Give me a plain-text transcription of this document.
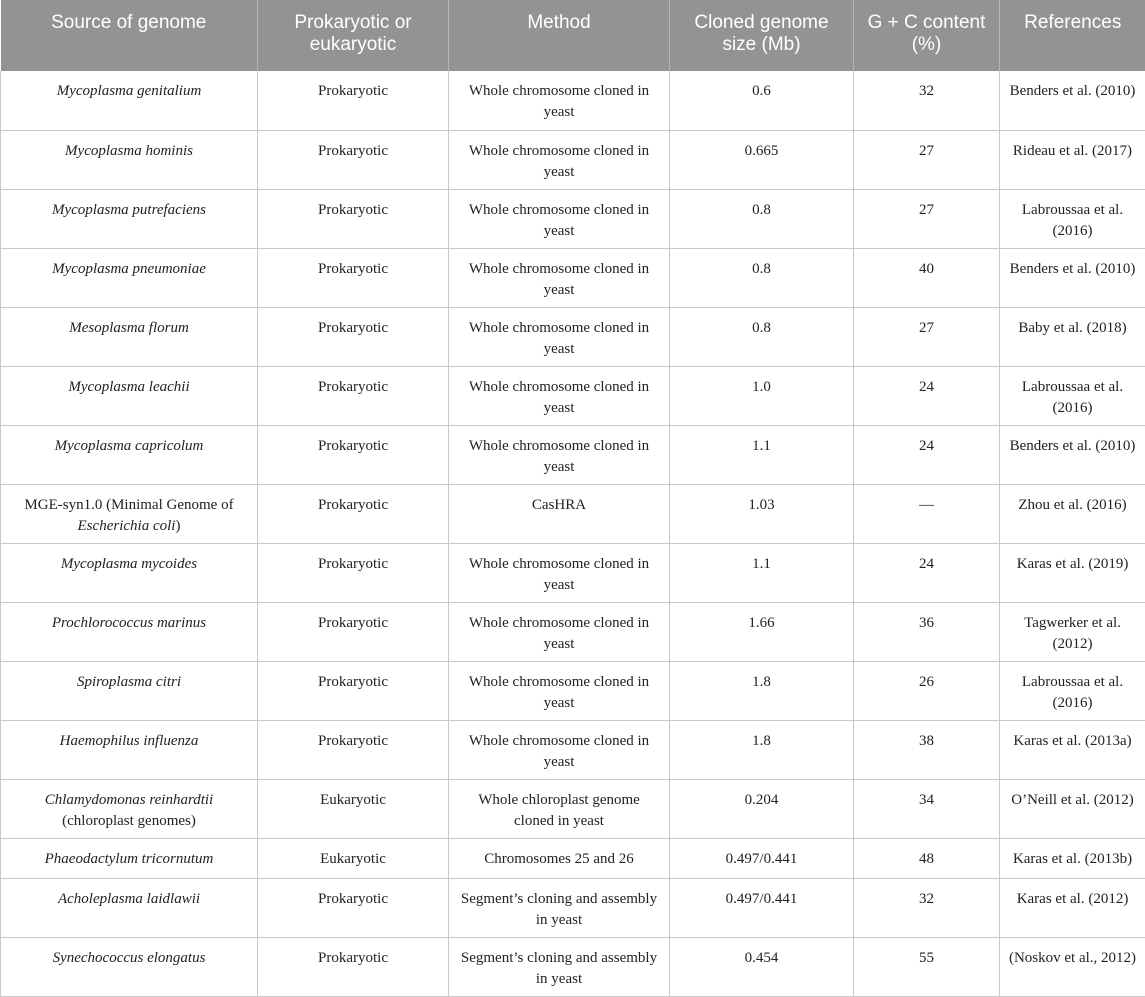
Source of genome	Prokaryotic or eukaryotic	Method	Cloned genome size (Mb)	G + C content (%)	References
Mycoplasma genitalium	Prokaryotic	Whole chromosome cloned in yeast	0.6	32	Benders et al. (2010)
Mycoplasma hominis	Prokaryotic	Whole chromosome cloned in yeast	0.665	27	Rideau et al. (2017)
Mycoplasma putrefaciens	Prokaryotic	Whole chromosome cloned in yeast	0.8	27	Labroussaa et al. (2016)
Mycoplasma pneumoniae	Prokaryotic	Whole chromosome cloned in yeast	0.8	40	Benders et al. (2010)
Mesoplasma florum	Prokaryotic	Whole chromosome cloned in yeast	0.8	27	Baby et al. (2018)
Mycoplasma leachii	Prokaryotic	Whole chromosome cloned in yeast	1.0	24	Labroussaa et al. (2016)
Mycoplasma capricolum	Prokaryotic	Whole chromosome cloned in yeast	1.1	24	Benders et al. (2010)
MGE-syn1.0 (Minimal Genome of Escherichia coli)	Prokaryotic	CasHRA	1.03	—	Zhou et al. (2016)
Mycoplasma mycoides	Prokaryotic	Whole chromosome cloned in yeast	1.1	24	Karas et al. (2019)
Prochlorococcus marinus	Prokaryotic	Whole chromosome cloned in yeast	1.66	36	Tagwerker et al. (2012)
Spiroplasma citri	Prokaryotic	Whole chromosome cloned in yeast	1.8	26	Labroussaa et al. (2016)
Haemophilus influenza	Prokaryotic	Whole chromosome cloned in yeast	1.8	38	Karas et al. (2013a)
Chlamydomonas reinhardtii (chloroplast genomes)	Eukaryotic	Whole chloroplast genome cloned in yeast	0.204	34	O’Neill et al. (2012)
Phaeodactylum tricornutum	Eukaryotic	Chromosomes 25 and 26	0.497/0.441	48	Karas et al. (2013b)
Acholeplasma laidlawii	Prokaryotic	Segment’s cloning and assembly in yeast	0.497/0.441	32	Karas et al. (2012)
Synechococcus elongatus	Prokaryotic	Segment’s cloning and assembly in yeast	0.454	55	(Noskov et al., 2012)
